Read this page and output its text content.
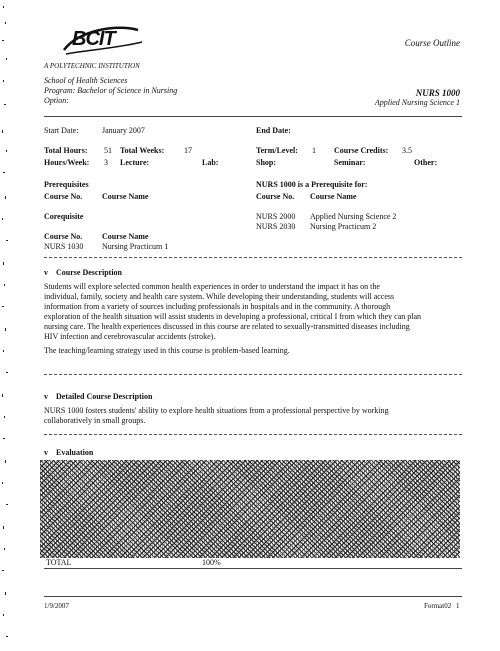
BCIT
A POLYTECHNIC INSTITUTION
School of Health Sciences
Program: Bachelor of Science in Nursing
Option:
Course Outline
NURS 1000
Applied Nursing Science 1
Start Date:	January 2007	End Date:
Total Hours: 51 Total Weeks: 17	Term/Level: 1 Course Credits: 3.5
Hours/Week: 3 Lecture:	Lab:	Shop:	Seminar:	Other:
Prerequisites
Course No. Course Name
NURS 1000 is a Prerequisite for:
Course No. Course Name
NURS 2000 Applied Nursing Science 2
NURS 2030 Nursing Practicum 2
Corequisite
Course No. Course Name
NURS 1030 Nursing Practicum 1
v Course Description
Students will explore selected common health experiences in order to understand the impact it has on the
individual, family, society and health care system. While developing their understanding, students will access
information from a variety of sources including professionals in hospitals and in the community. A thorough
exploration of the health situation will assist students in developing a professional, critical I from which they can plan
nursing care. The health experiences discussed in this course are related to sexually-transmitted diseases including
HIV infection and cerebrovascular accidents (stroke).
The teaching/learning strategy used in this course is problem-based learning.
v Detailed Course Description
NURS 1000 fosters students' ability to explore health situations from a professional perspective by working
collaboratively in small groups.
v Evaluation
TOTAL	100%
1/9/2007	Format02 1
